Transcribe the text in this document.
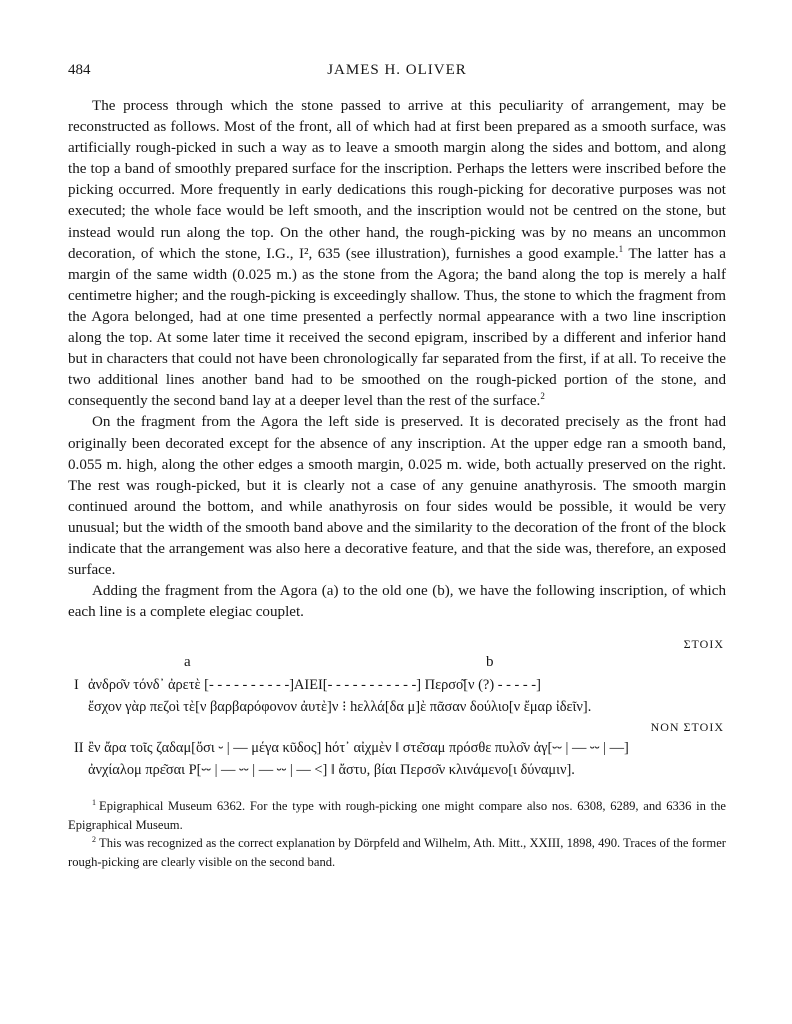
484	JAMES H. OLIVER

The process through which the stone passed to arrive at this peculiarity of arrangement, may be reconstructed as follows. Most of the front, all of which had at first been prepared as a smooth surface, was artificially rough-picked in such a way as to leave a smooth margin along the sides and bottom, and along the top a band of smoothly prepared surface for the inscription. Perhaps the letters were inscribed before the picking occurred. More frequently in early dedications this rough-picking for decorative purposes was not executed; the whole face would be left smooth, and the inscription would not be centred on the stone, but instead would run along the top. On the other hand, the rough-picking was by no means an uncommon decoration, of which the stone, I.G., I², 635 (see illustration), furnishes a good example.$^1$ The latter has a margin of the same width (0.025 m.) as the stone from the Agora; the band along the top is merely a half centimetre higher; and the rough-picking is exceedingly shallow. Thus, the stone to which the fragment from the Agora belonged, had at one time presented a perfectly normal appearance with a two line inscription along the top. At some later time it received the second epigram, inscribed by a different and inferior hand but in characters that could not have been chronologically far separated from the first, if at all. To receive the two additional lines another band had to be smoothed on the rough-picked portion of the stone, and consequently the second band lay at a deeper level than the rest of the surface.$^2$

On the fragment from the Agora the left side is preserved. It is decorated precisely as the front had originally been decorated except for the absence of any inscription. At the upper edge ran a smooth band, 0.055 m. high, along the other edges a smooth margin, 0.025 m. wide, both actually preserved on the right. The rest was rough-picked, but it is clearly not a case of any genuine anathyrosis. The smooth margin continued around the bottom, and while anathyrosis on four sides would be possible, it would be very unusual; but the width of the smooth band above and the similarity to the decoration of the front of the block indicate that the arrangement was also here a decorative feature, and that the side was, therefore, an exposed surface.

Adding the fragment from the Agora (a) to the old one (b), we have the following inscription, of which each line is a complete elegiac couplet.

ΣΤΟΙΧ
a	b
I ἀνδρο͂ν τόνδ᾽ ἀρετὲ [- - - - - - - - - -]ΑΙΕΙ[- - - - - - - - - - -] Περσο͂[ν (?) - - - - -]
ἔσχον γὰρ πεζοὶ τὲ[ν βαρβαρόφονον ἀυτὲ]ν ⁝ hελλά[δα μ]ὲ πᾶσαν δούλιο[ν ἔμαρ ἰδεῖν].
NON ΣΤΟΙΧ
II ἒν ἄρα τοῖς ζαδαμ[ὄσι ⏑ | — μέγα κῦδος] hότ᾽ αἰχμὲν ‖ στε͂σαμ πρόσθε πυλο͂ν ἀγ[⏑⏑ | — ⏑⏑ | —]
ἀνχίαλομ πρε͂σαι Ρ[⏑⏑ | — ⏑⏑ | — ⏑⏑ | — <] ‖ ἄστυ, βίαι Περσο͂ν κλινάμενο[ι δύναμιν].

$^1$ Epigraphical Museum 6362. For the type with rough-picking one might compare also nos. 6308, 6289, and 6336 in the Epigraphical Museum.

$^2$ This was recognized as the correct explanation by Dörpfeld and Wilhelm, Ath. Mitt., XXIII, 1898, 490. Traces of the former rough-picking are clearly visible on the second band.
